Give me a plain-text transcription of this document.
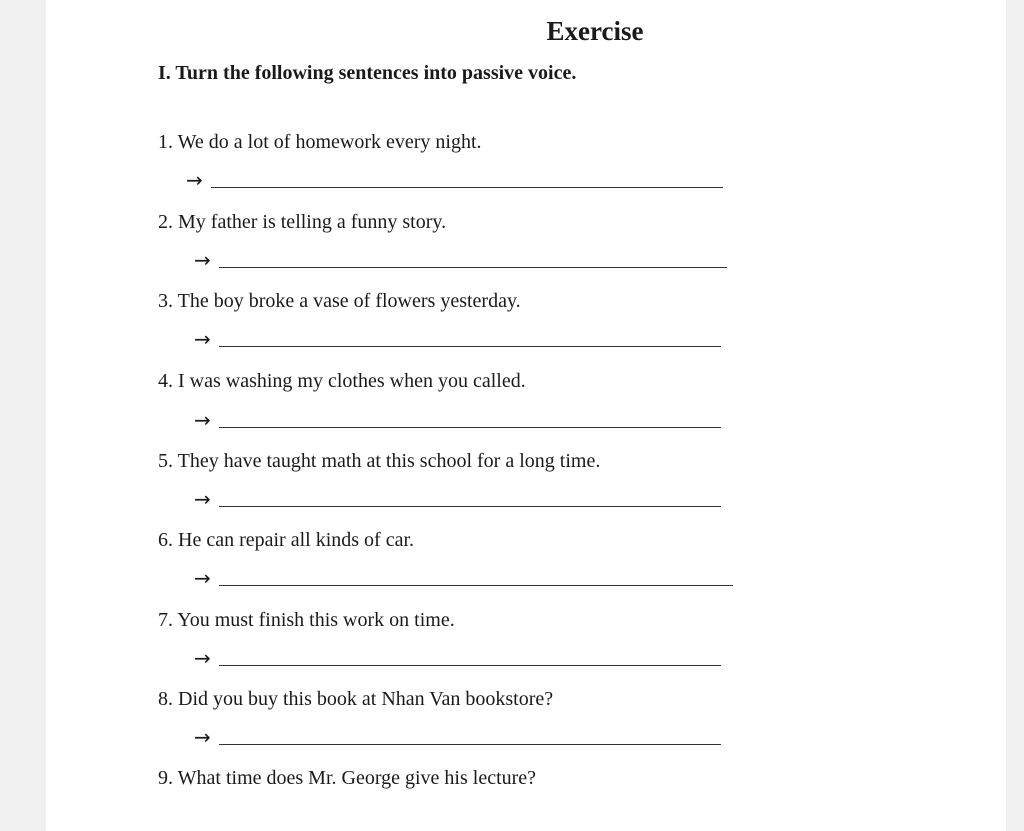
Exercise
I. Turn the following sentences into passive voice.
1. We do a lot of homework every night.
→
2. My father is telling a funny story.
→
3. The boy broke a vase of flowers yesterday.
→
4. I was washing my clothes when you called.
→
5. They have taught math at this school for a long time.
→
6. He can repair all kinds of car.
→
7. You must finish this work on time.
→
8. Did you buy this book at Nhan Van bookstore?
→
9. What time does Mr. George give his lecture?
